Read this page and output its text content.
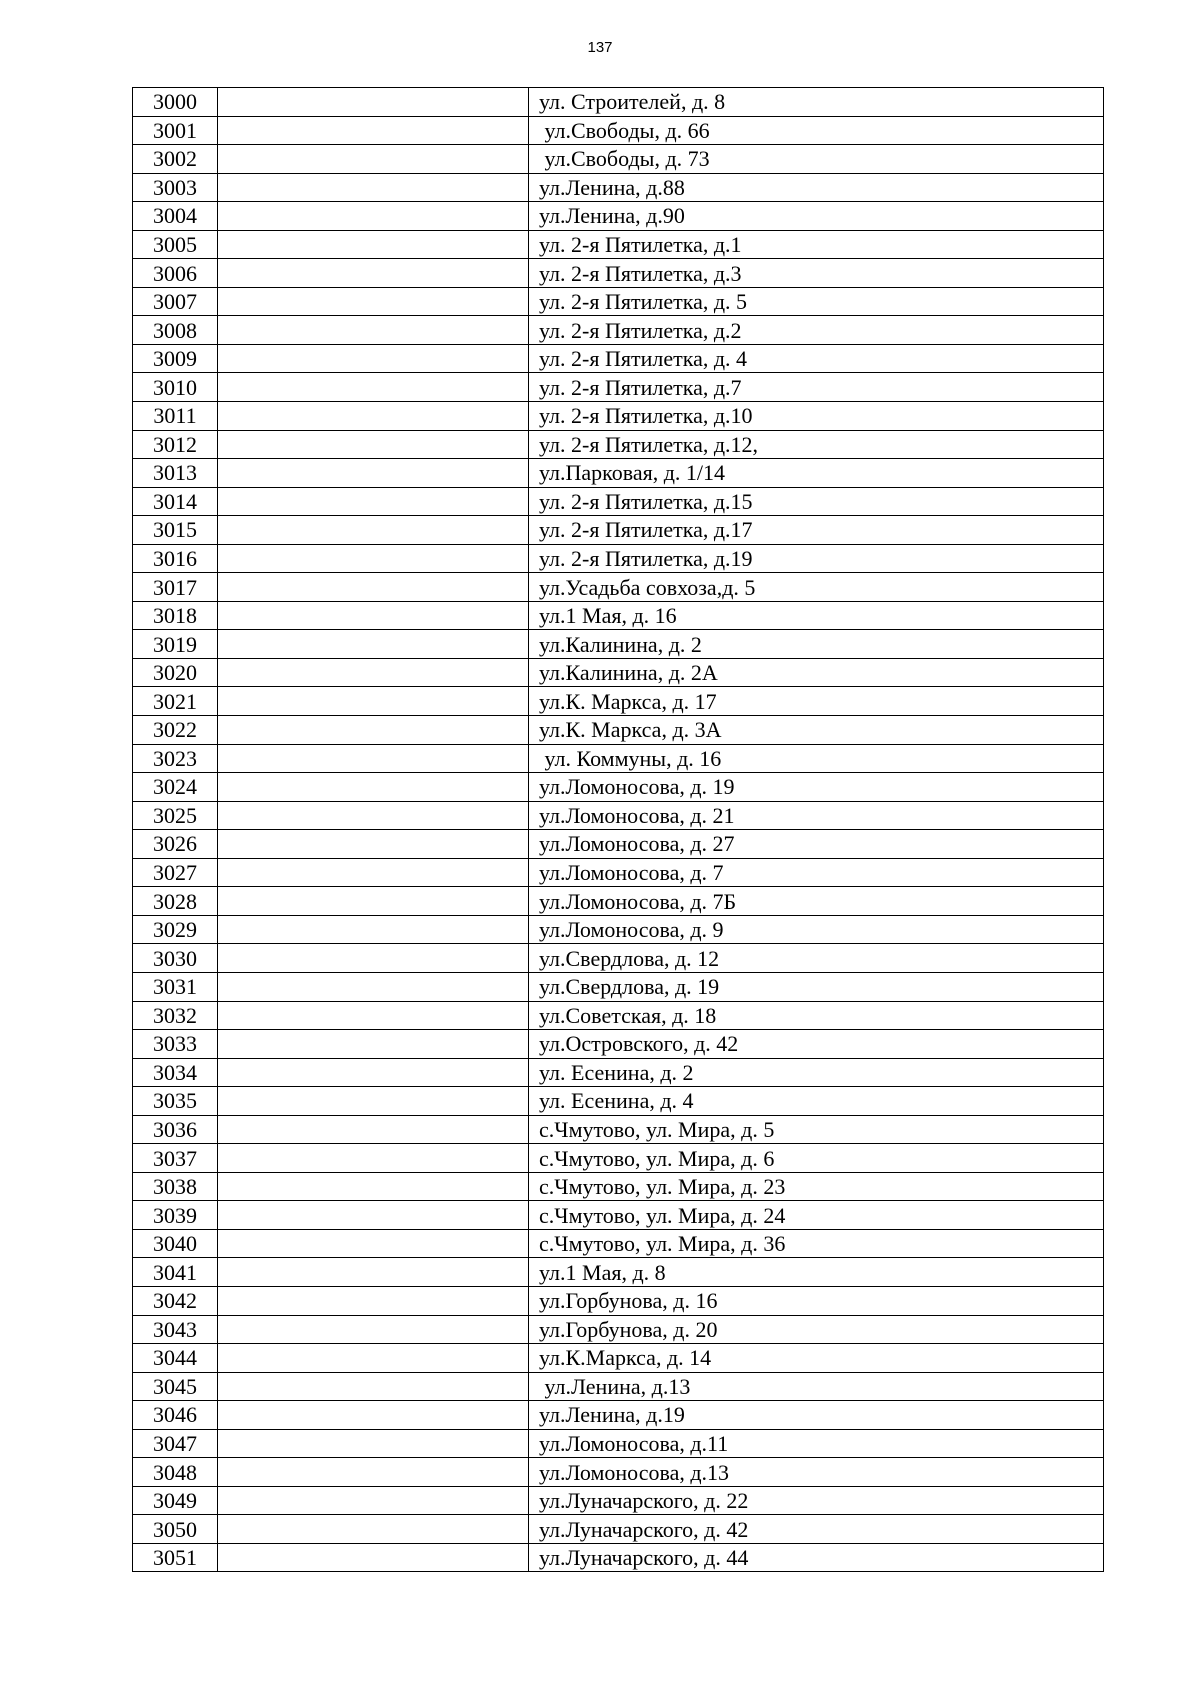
137
3000		ул. Строителей, д. 8
3001		ул.Свободы, д. 66
3002		ул.Свободы, д. 73
3003		ул.Ленина, д.88
3004		ул.Ленина, д.90
3005		ул. 2-я Пятилетка, д.1
3006		ул. 2-я Пятилетка, д.3
3007		ул. 2-я Пятилетка, д. 5
3008		ул. 2-я Пятилетка, д.2
3009		ул. 2-я Пятилетка, д. 4
3010		ул. 2-я Пятилетка, д.7
3011		ул. 2-я Пятилетка, д.10
3012		ул. 2-я Пятилетка, д.12,
3013		ул.Парковая, д. 1/14
3014		ул. 2-я Пятилетка, д.15
3015		ул. 2-я Пятилетка, д.17
3016		ул. 2-я Пятилетка, д.19
3017		ул.Усадьба совхоза,д. 5
3018		ул.1 Мая, д. 16
3019		ул.Калинина, д. 2
3020		ул.Калинина, д. 2А
3021		ул.К. Маркса, д. 17
3022		ул.К. Маркса, д. 3А
3023		ул. Коммуны, д. 16
3024		ул.Ломоносова, д. 19
3025		ул.Ломоносова, д. 21
3026		ул.Ломоносова, д. 27
3027		ул.Ломоносова, д. 7
3028		ул.Ломоносова, д. 7Б
3029		ул.Ломоносова, д. 9
3030		ул.Свердлова, д. 12
3031		ул.Свердлова, д. 19
3032		ул.Советская, д. 18
3033		ул.Островского, д. 42
3034		ул. Есенина, д. 2
3035		ул. Есенина, д. 4
3036		с.Чмутово, ул. Мира, д. 5
3037		с.Чмутово, ул. Мира, д. 6
3038		с.Чмутово, ул. Мира, д. 23
3039		с.Чмутово, ул. Мира, д. 24
3040		с.Чмутово, ул. Мира, д. 36
3041		ул.1 Мая, д. 8
3042		ул.Горбунова, д. 16
3043		ул.Горбунова, д. 20
3044		ул.К.Маркса, д. 14
3045		ул.Ленина, д.13
3046		ул.Ленина, д.19
3047		ул.Ломоносова, д.11
3048		ул.Ломоносова, д.13
3049		ул.Луначарского, д. 22
3050		ул.Луначарского, д. 42
3051		ул.Луначарского, д. 44
